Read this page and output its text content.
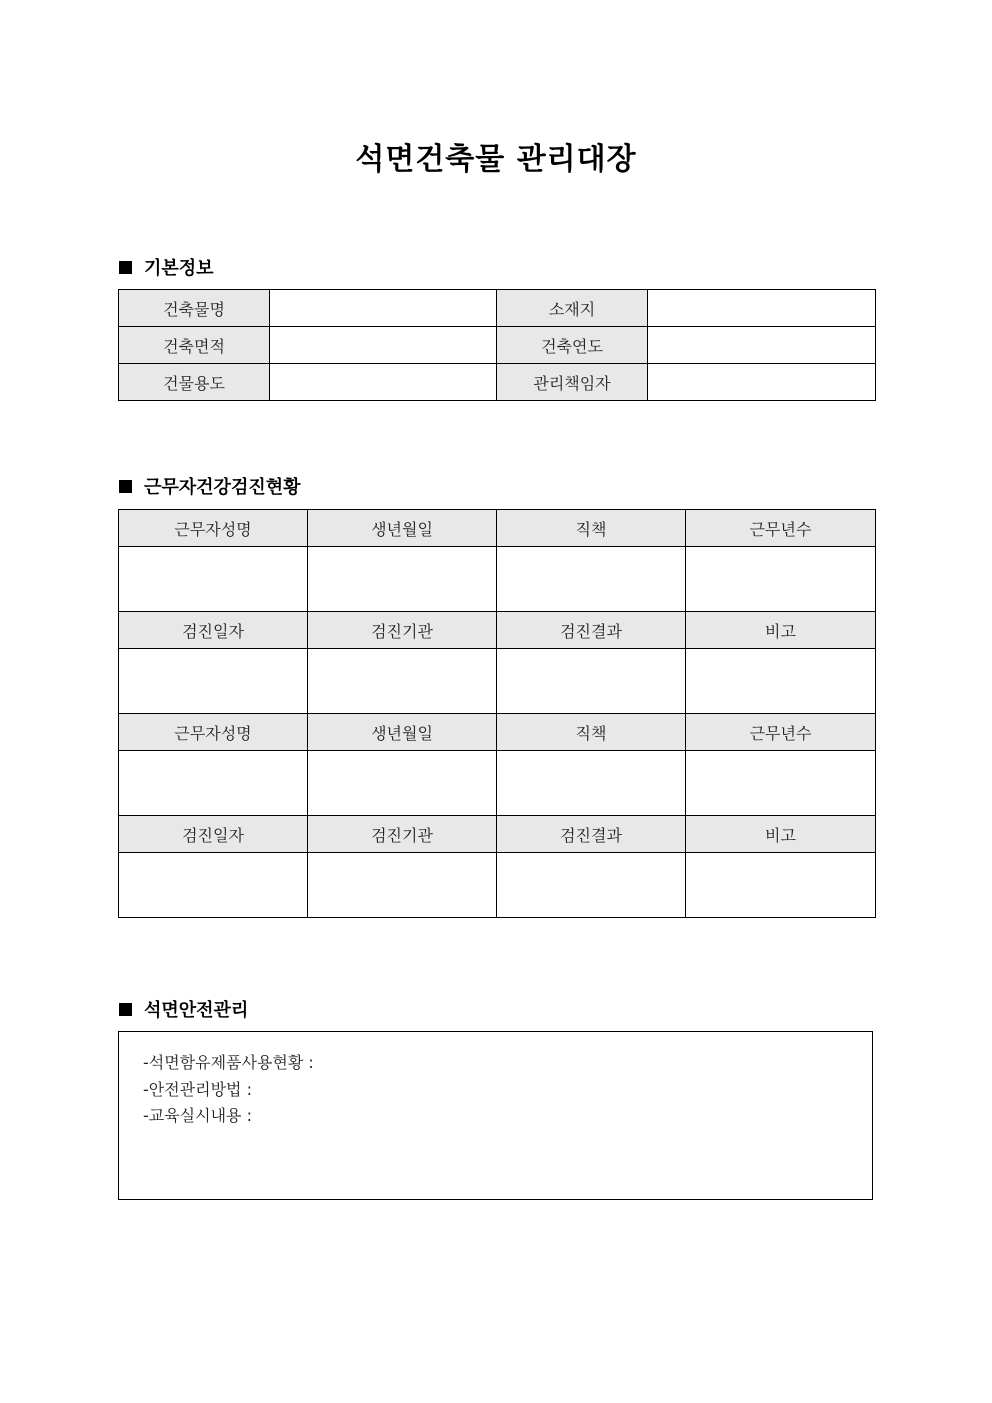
석면건축물 관리대장
기본정보
건축물명		소재지	
건축면적		건축연도	
건물용도		관리책임자	
근무자건강검진현황
근무자성명	생년월일	직책	근무년수

검진일자	검진기관	검진결과	비고

근무자성명	생년월일	직책	근무년수

검진일자	검진기관	검진결과	비고

석면안전관리
-석면함유제품사용현황 :
-안전관리방법 :
-교육실시내용 :
